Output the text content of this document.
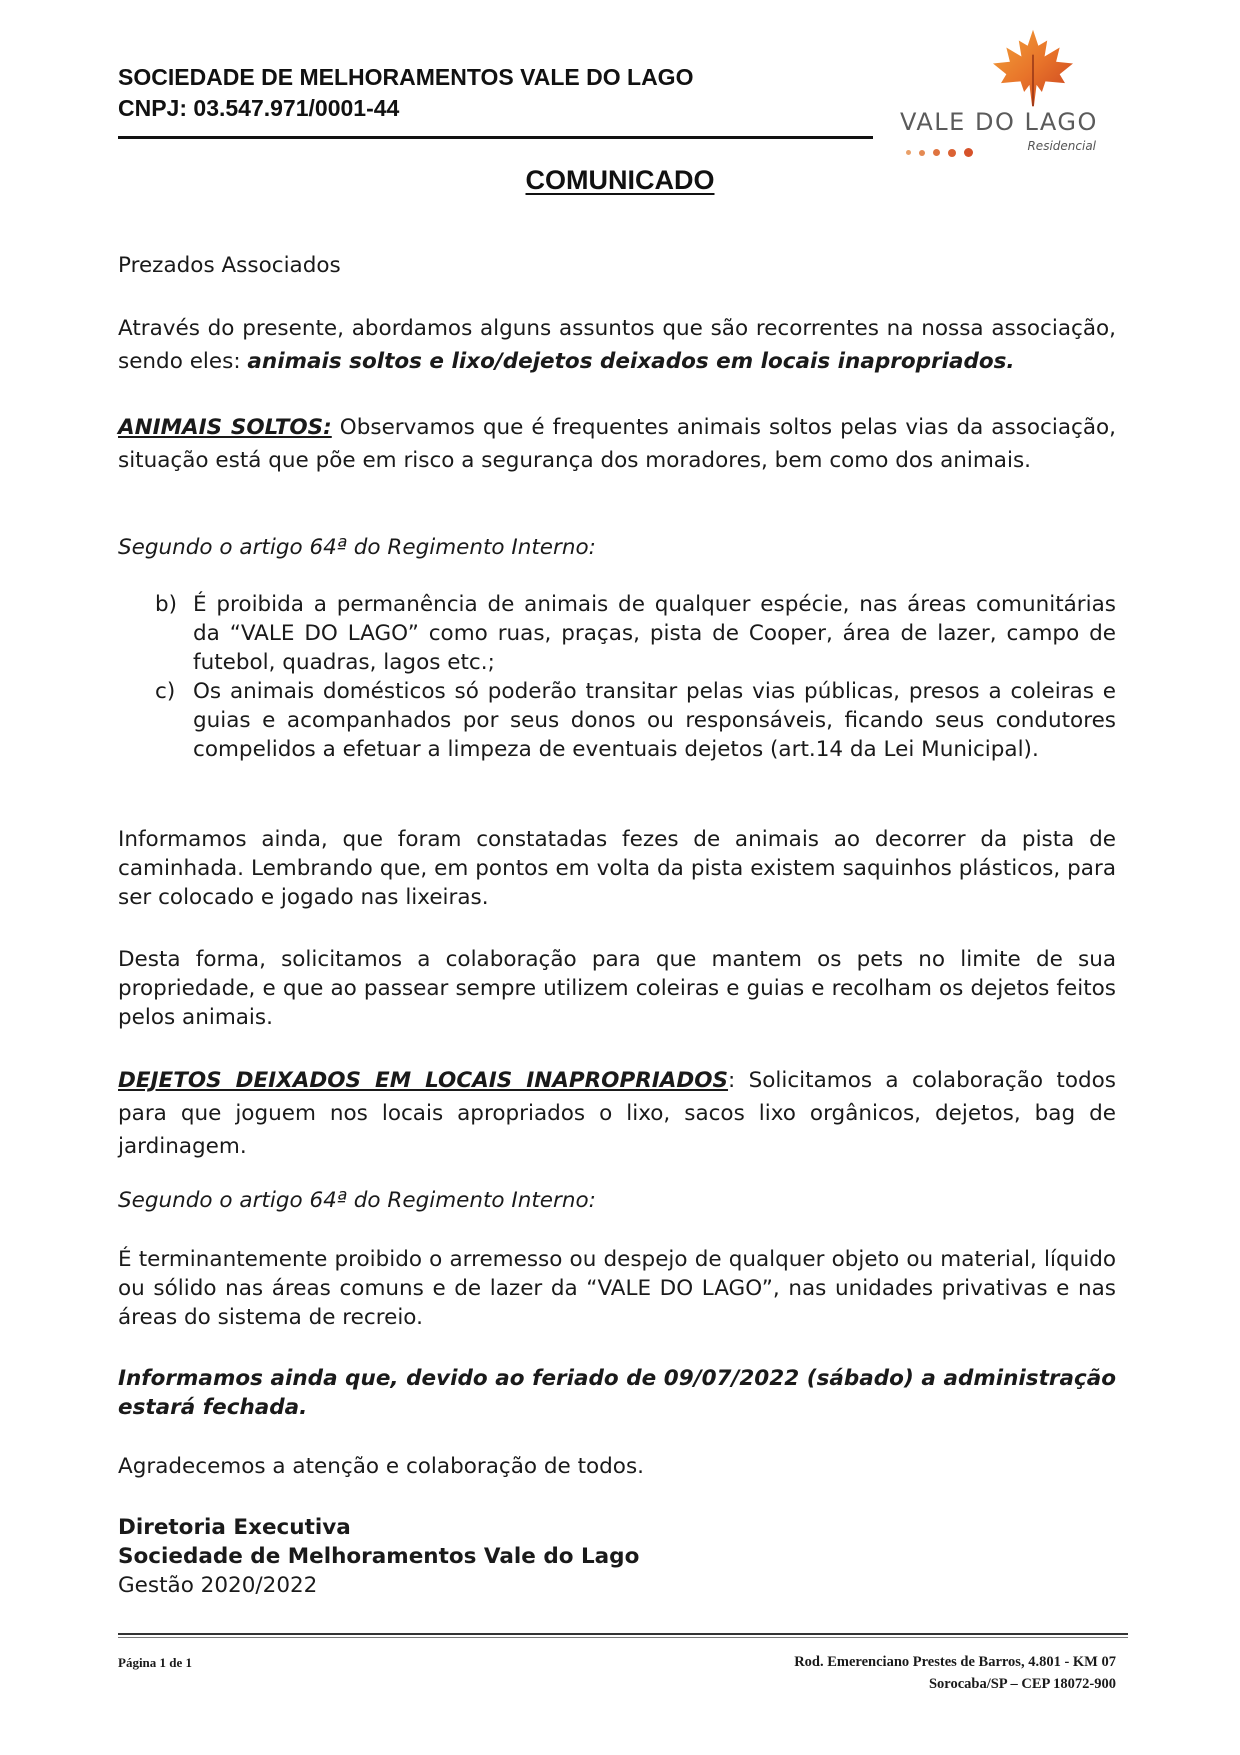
SOCIEDADE DE MELHORAMENTOS VALE DO LAGO
CNPJ: 03.547.971/0001-44	VALE DO LAGO
Residencial
COMUNICADO

Prezados Associados

Através do presente, abordamos alguns assuntos que são recorrentes na nossa associação, sendo eles: animais soltos e lixo/dejetos deixados em locais inapropriados.

ANIMAIS SOLTOS: Observamos que é frequentes animais soltos pelas vias da associação, situação está que põe em risco a segurança dos moradores, bem como dos animais.

Segundo o artigo 64ª do Regimento Interno:

b) É proibida a permanência de animais de qualquer espécie, nas áreas comunitárias da “VALE DO LAGO” como ruas, praças, pista de Cooper, área de lazer, campo de futebol, quadras, lagos etc.;

c) Os animais domésticos só poderão transitar pelas vias públicas, presos a coleiras e guias e acompanhados por seus donos ou responsáveis, ficando seus condutores compelidos a efetuar a limpeza de eventuais dejetos (art.14 da Lei Municipal).

Informamos ainda, que foram constatadas fezes de animais ao decorrer da pista de caminhada. Lembrando que, em pontos em volta da pista existem saquinhos plásticos, para ser colocado e jogado nas lixeiras.

Desta forma, solicitamos a colaboração para que mantem os pets no limite de sua propriedade, e que ao passear sempre utilizem coleiras e guias e recolham os dejetos feitos pelos animais.

DEJETOS DEIXADOS EM LOCAIS INAPROPRIADOS: Solicitamos a colaboração todos para que joguem nos locais apropriados o lixo, sacos lixo orgânicos, dejetos, bag de jardinagem.

Segundo o artigo 64ª do Regimento Interno:

É terminantemente proibido o arremesso ou despejo de qualquer objeto ou material, líquido ou sólido nas áreas comuns e de lazer da “VALE DO LAGO”, nas unidades privativas e nas áreas do sistema de recreio.

Informamos ainda que, devido ao feriado de 09/07/2022 (sábado) a administração estará fechada.

Agradecemos a atenção e colaboração de todos.

Diretoria Executiva
Sociedade de Melhoramentos Vale do Lago
Gestão 2020/2022
Página 1 de 1	Rod. Emerenciano Prestes de Barros, 4.801 - KM 07
Sorocaba/SP – CEP 18072-900
